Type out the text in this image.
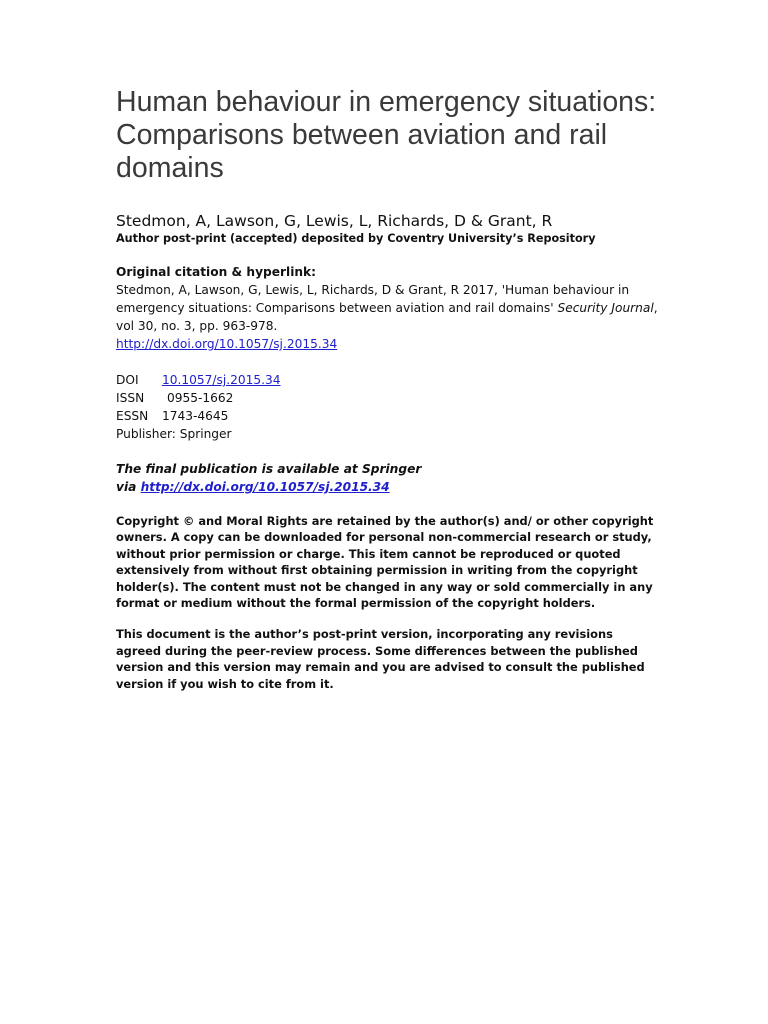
Human behaviour in emergency situations: Comparisons between aviation and rail domains
Stedmon, A, Lawson, G, Lewis, L, Richards, D & Grant, R
Author post-print (accepted) deposited by Coventry University’s Repository
Original citation & hyperlink:
Stedmon, A, Lawson, G, Lewis, L, Richards, D & Grant, R 2017, 'Human behaviour in emergency situations: Comparisons between aviation and rail domains' Security Journal, vol 30, no. 3, pp. 963-978.
http://dx.doi.org/10.1057/sj.2015.34
DOI	10.1057/sj.2015.34
ISSN	0955-1662
ESSN	1743-4645
Publisher: Springer
The final publication is available at Springer
via http://dx.doi.org/10.1057/sj.2015.34
Copyright © and Moral Rights are retained by the author(s) and/ or other copyright owners. A copy can be downloaded for personal non-commercial research or study, without prior permission or charge. This item cannot be reproduced or quoted extensively from without first obtaining permission in writing from the copyright holder(s). The content must not be changed in any way or sold commercially in any format or medium without the formal permission of the copyright holders.
This document is the author’s post-print version, incorporating any revisions agreed during the peer-review process. Some differences between the published version and this version may remain and you are advised to consult the published version if you wish to cite from it.
